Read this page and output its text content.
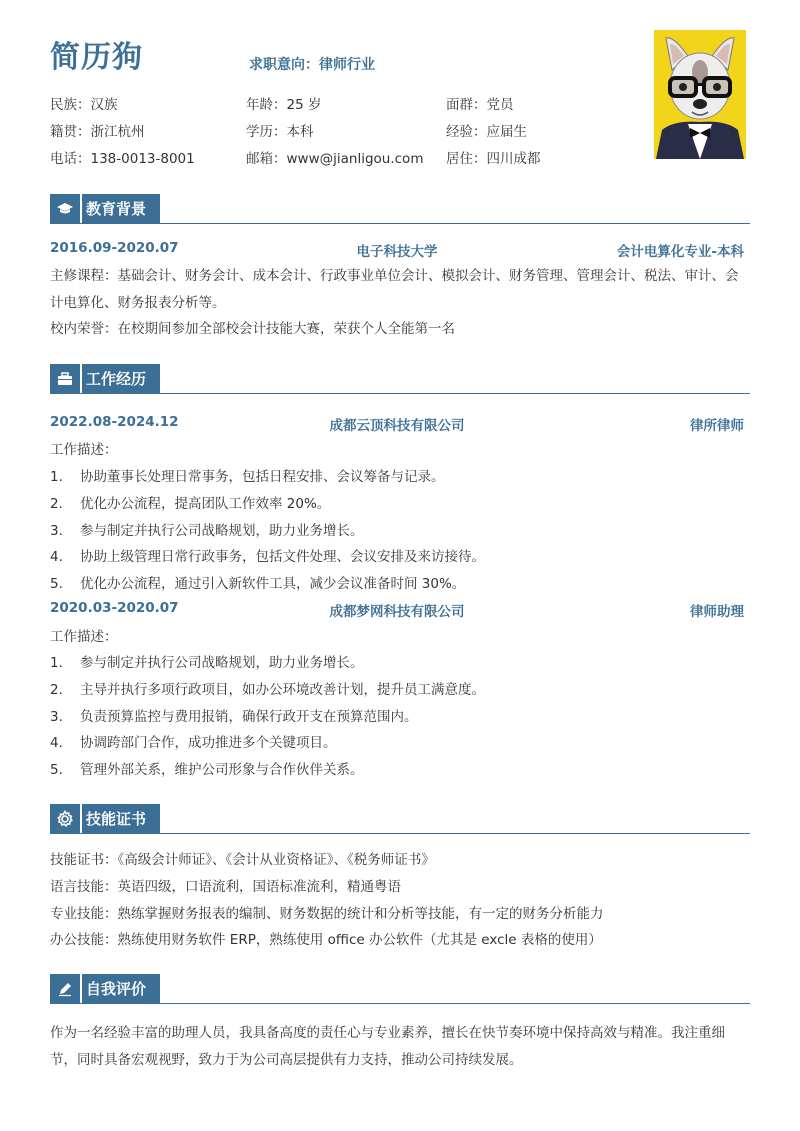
简历狗	求职意向：律师行业
民族：汉族	年龄：25 岁	面群：党员
籍贯：浙江杭州	学历：本科	经验：应届生
电话：138-0013-8001	邮箱：www@jianligou.com 居住：四川成都
教育背景
2016.09-2020.07	电子科技大学	会计电算化专业-本科
主修课程：基础会计、财务会计、成本会计、行政事业单位会计、模拟会计、财务管理、管理会计、税法、审计、会计电算化、财务报表分析等。
校内荣誉：在校期间参加全部校会计技能大赛，荣获个人全能第一名
工作经历
2022.08-2024.12	成都云顶科技有限公司	律所律师
工作描述：
1. 协助董事长处理日常事务，包括日程安排、会议筹备与记录。
2. 优化办公流程，提高团队工作效率 20%。
3. 参与制定并执行公司战略规划，助力业务增长。
4. 协助上级管理日常行政事务，包括文件处理、会议安排及来访接待。
5. 优化办公流程，通过引入新软件工具，减少会议准备时间 30%。
2020.03-2020.07	成都梦网科技有限公司	律师助理
工作描述：
1. 参与制定并执行公司战略规划，助力业务增长。
2. 主导并执行多项行政项目，如办公环境改善计划，提升员工满意度。
3. 负责预算监控与费用报销，确保行政开支在预算范围内。
4. 协调跨部门合作，成功推进多个关键项目。
5. 管理外部关系，维护公司形象与合作伙伴关系。
技能证书
技能证书：《高级会计师证》、《会计从业资格证》、《税务师证书》
语言技能：英语四级，口语流利，国语标准流利，精通粤语
专业技能：熟练掌握财务报表的编制、财务数据的统计和分析等技能，有一定的财务分析能力
办公技能：熟练使用财务软件 ERP，熟练使用 office 办公软件（尤其是 excle 表格的使用）
自我评价
作为一名经验丰富的助理人员，我具备高度的责任心与专业素养，擅长在快节奏环境中保持高效与精准。我注重细节，同时具备宏观视野，致力于为公司高层提供有力支持，推动公司持续发展。
